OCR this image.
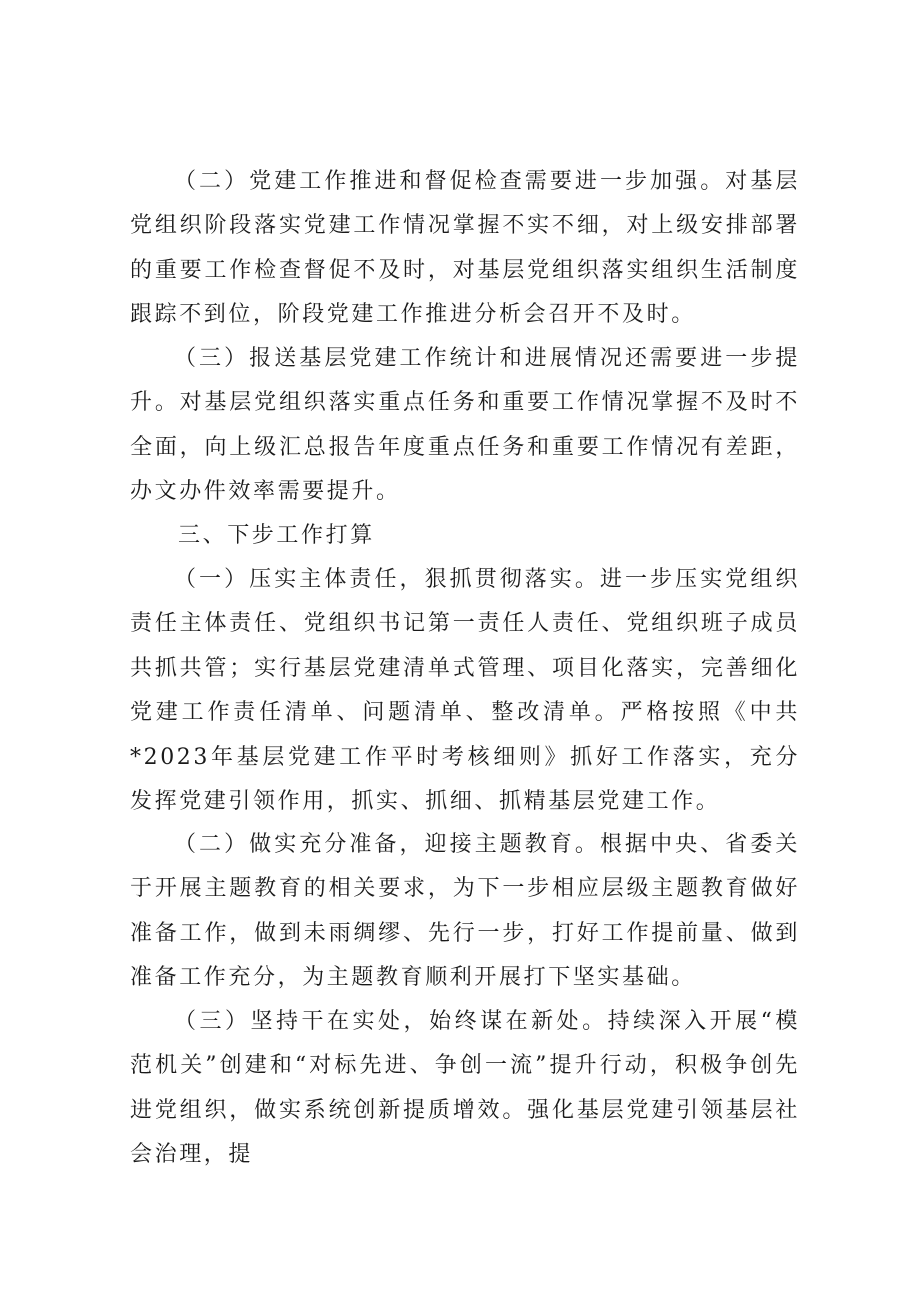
（二）党建工作推进和督促检查需要进一步加强。对基层党组织阶段落实党建工作情况掌握不实不细，对上级安排部署的重要工作检查督促不及时，对基层党组织落实组织生活制度跟踪不到位，阶段党建工作推进分析会召开不及时。

（三）报送基层党建工作统计和进展情况还需要进一步提升。对基层党组织落实重点任务和重要工作情况掌握不及时不全面，向上级汇总报告年度重点任务和重要工作情况有差距，办文办件效率需要提升。

三、下步工作打算

（一）压实主体责任，狠抓贯彻落实。进一步压实党组织责任主体责任、党组织书记第一责任人责任、党组织班子成员共抓共管；实行基层党建清单式管理、项目化落实，完善细化党建工作责任清单、问题清单、整改清单。严格按照《中共*2023年基层党建工作平时考核细则》抓好工作落实，充分发挥党建引领作用，抓实、抓细、抓精基层党建工作。

（二）做实充分准备，迎接主题教育。根据中央、省委关于开展主题教育的相关要求，为下一步相应层级主题教育做好准备工作，做到未雨绸缪、先行一步，打好工作提前量、做到准备工作充分，为主题教育顺利开展打下坚实基础。

（三）坚持干在实处，始终谋在新处。持续深入开展“模范机关”创建和“对标先进、争创一流”提升行动，积极争创先进党组织，做实系统创新提质增效。强化基层党建引领基层社会治理，提
